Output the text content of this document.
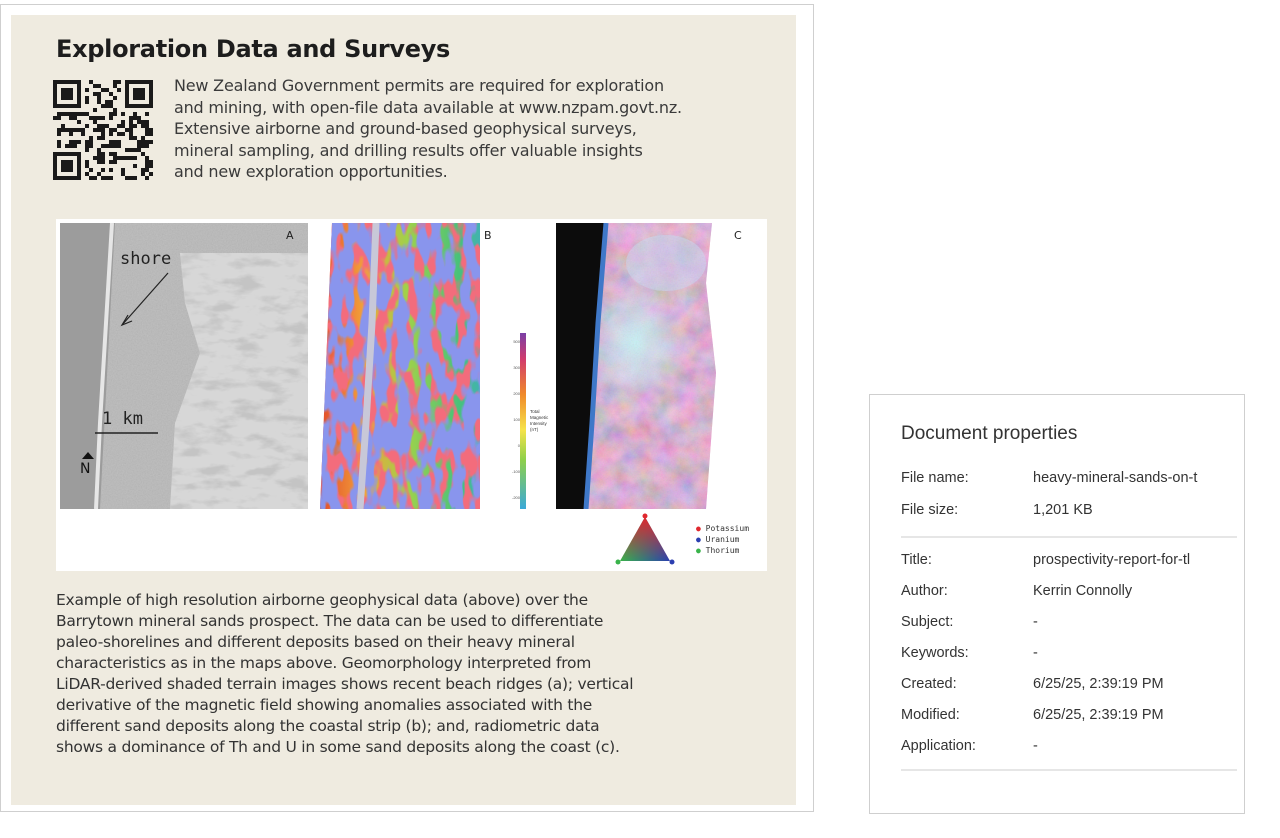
Exploration Data and Surveys
New Zealand Government permits are required for exploration
and mining, with open-file data available at www.nzpam.govt.nz.
Extensive airborne and ground-based geophysical surveys,
mineral sampling, and drilling results offer valuable insights
and new exploration opportunities.
A
shore
1 km
N
B
500
300
200
100
0
-100
-200
Total Magnetic Intensity (nT)
C
● Potassium
● Uranium
● Thorium
Example of high resolution airborne geophysical data (above) over the
Barrytown mineral sands prospect. The data can be used to differentiate
paleo-shorelines and different deposits based on their heavy mineral
characteristics as in the maps above. Geomorphology interpreted from
LiDAR-derived shaded terrain images shows recent beach ridges (a); vertical
derivative of the magnetic field showing anomalies associated with the
different sand deposits along the coastal strip (b); and, radiometric data
shows a dominance of Th and U in some sand deposits along the coast (c).
Document properties
File name:	heavy-mineral-sands-on-t
File size:	1,201 KB
Title:	prospectivity-report-for-tl
Author:	Kerrin Connolly
Subject:	-
Keywords:	-
Created:	6/25/25, 2:39:19 PM
Modified:	6/25/25, 2:39:19 PM
Application:	-
